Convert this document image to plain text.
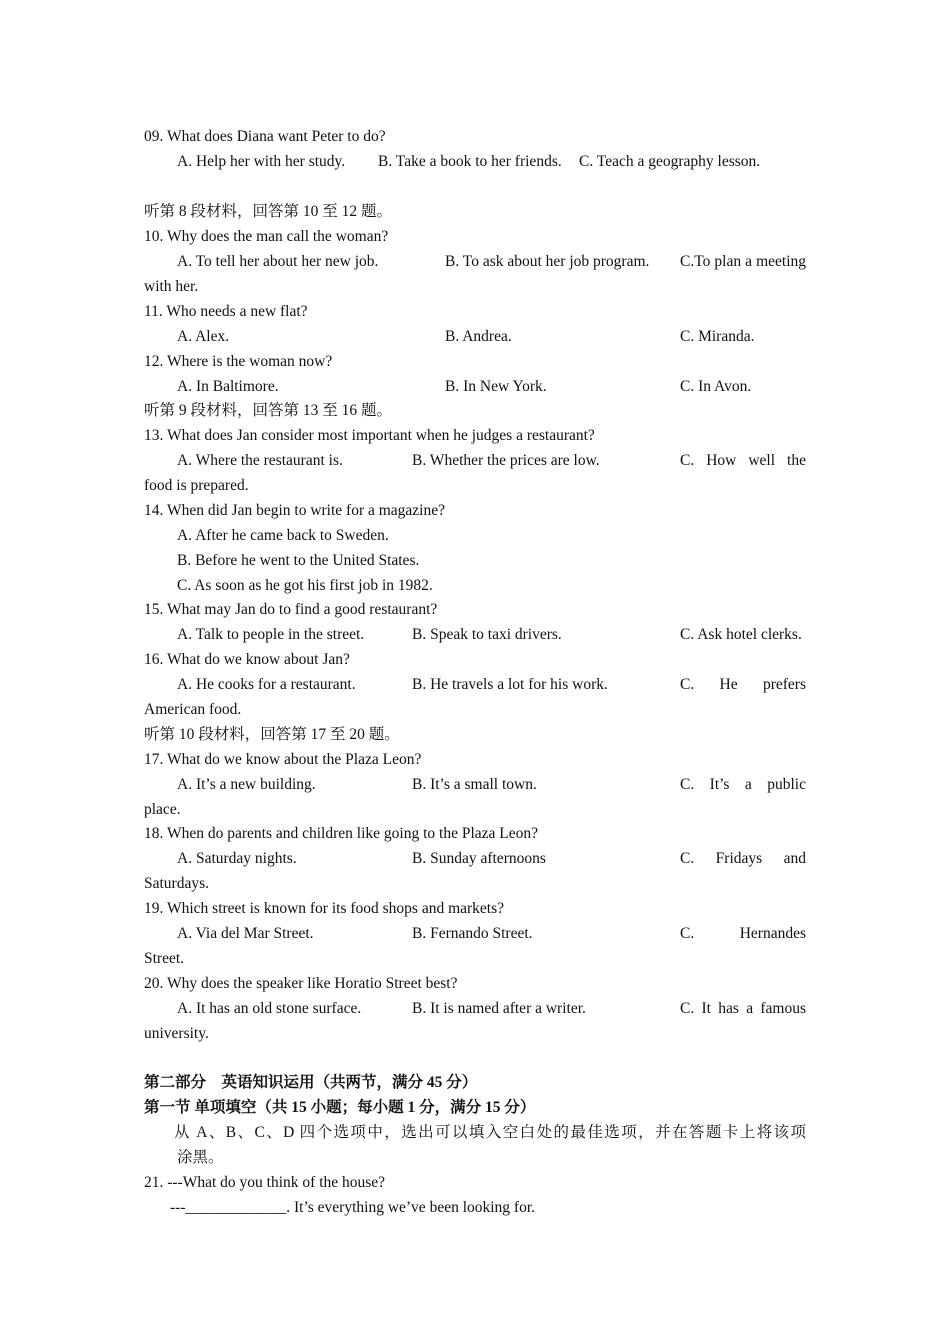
09. What does Diana want Peter to do?
A. Help her with her study. B. Take a book to her friends. C. Teach a geography lesson.
听第 8 段材料，回答第 10 至 12 题。
10. Why does the man call the woman?
A. To tell her about her new job.	B. To ask about her job program. C.To plan a meeting
with her.
11. Who needs a new flat?
A. Alex.	B. Andrea.	C. Miranda.
12. Where is the woman now?
A. In Baltimore.	B. In New York.	C. In Avon.
听第 9 段材料，回答第 13 至 16 题。
13. What does Jan consider most important when he judges a restaurant?
A. Where the restaurant is.	B. Whether the prices are low.	C. How well the
food is prepared.
14. When did Jan begin to write for a magazine?
A. After he came back to Sweden.
B. Before he went to the United States.
C. As soon as he got his first job in 1982.
15. What may Jan do to find a good restaurant?
A. Talk to people in the street.	B. Speak to taxi drivers.	C. Ask hotel clerks.
16. What do we know about Jan?
A. He cooks for a restaurant.	B. He travels a lot for his work.	C. He prefers
American food.
听第 10 段材料，回答第 17 至 20 题。
17. What do we know about the Plaza Leon?
A. It’s a new building.	B. It’s a small town.	C. It’s a public
place.
18. When do parents and children like going to the Plaza Leon?
A. Saturday nights.	B. Sunday afternoons	C. Fridays and
Saturdays.
19. Which street is known for its food shops and markets?
A. Via del Mar Street.	B. Fernando Street.	C. Hernandes
Street.
20. Why does the speaker like Horatio Street best?
A. It has an old stone surface.	B. It is named after a writer.	C. It has a famous
university.
第二部分　英语知识运用（共两节，满分 45 分）
第一节 单项填空（共 15 小题；每小题 1 分，满分 15 分）
从 A、B、C、D 四个选项中，选出可以填入空白处的最佳选项，并在答题卡上将该项
涂黑。
21. ---What do you think of the house?
---_____________. It’s everything we’ve been looking for.
